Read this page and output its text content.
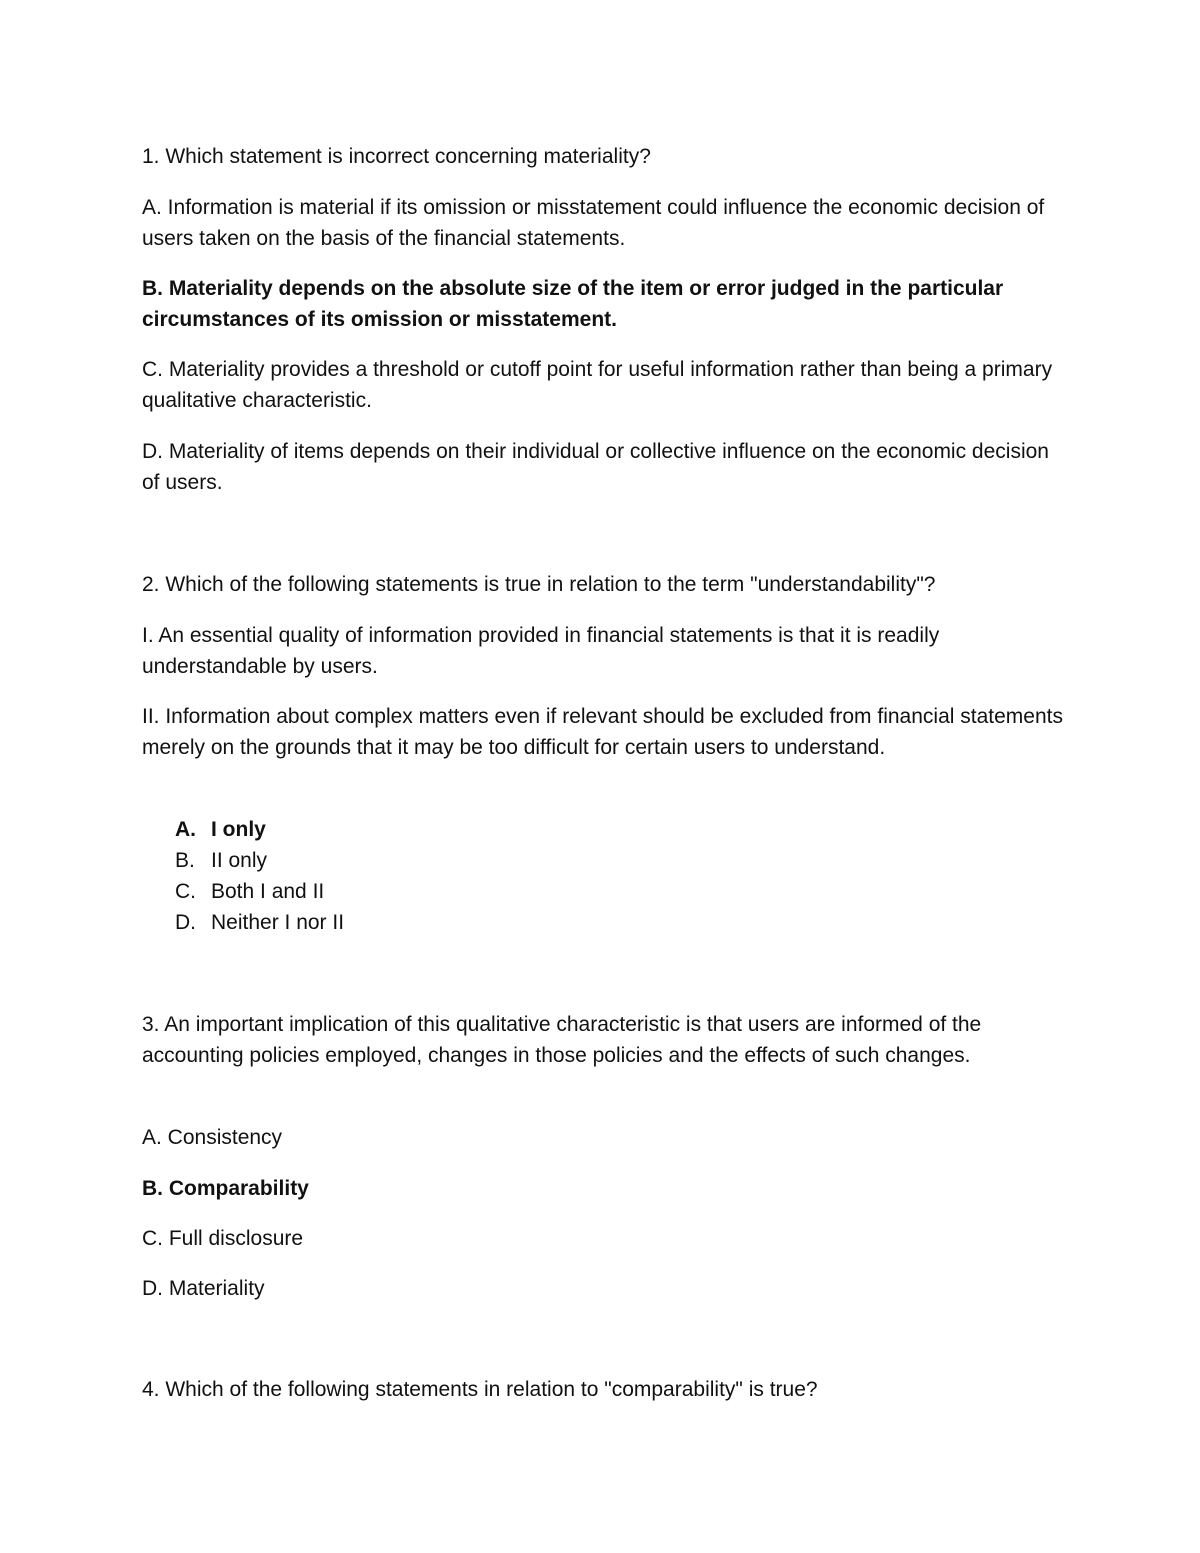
1. Which statement is incorrect concerning materiality?

A. Information is material if its omission or misstatement could influence the economic decision of users taken on the basis of the financial statements.

B. Materiality depends on the absolute size of the item or error judged in the particular circumstances of its omission or misstatement.

C. Materiality provides a threshold or cutoff point for useful information rather than being a primary qualitative characteristic.

D. Materiality of items depends on their individual or collective influence on the economic decision of users.

2. Which of the following statements is true in relation to the term "understandability"?

I. An essential quality of information provided in financial statements is that it is readily understandable by users.

II. Information about complex matters even if relevant should be excluded from financial statements merely on the grounds that it may be too difficult for certain users to understand.

A. I only
B. II only
C. Both I and II
D. Neither I nor II

3. An important implication of this qualitative characteristic is that users are informed of the accounting policies employed, changes in those policies and the effects of such changes.

A. Consistency

B. Comparability

C. Full disclosure

D. Materiality

4. Which of the following statements in relation to "comparability" is true?
